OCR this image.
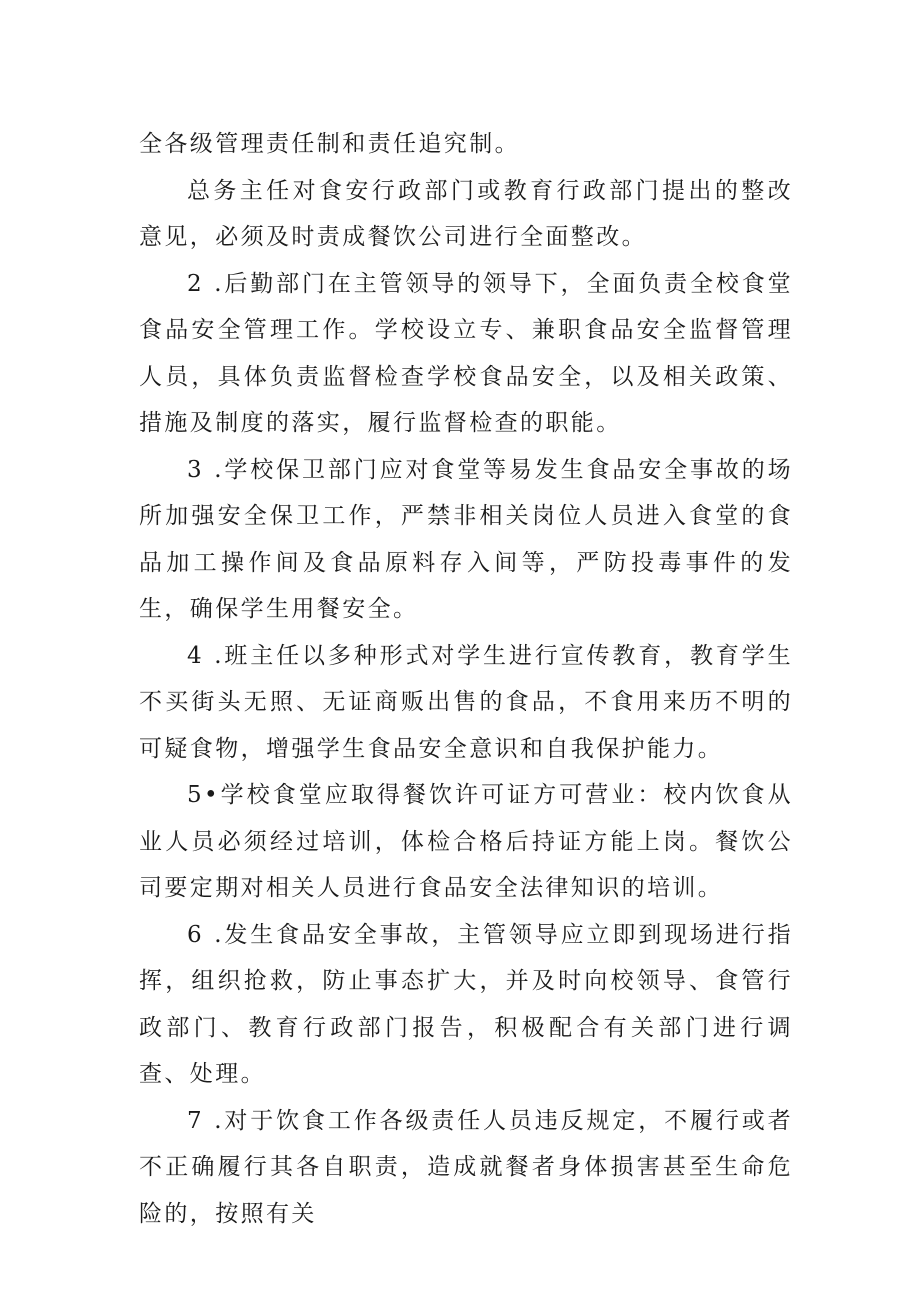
全各级管理责任制和责任追究制。

总务主任对食安行政部门或教育行政部门提出的整改意见，必须及时责成餐饮公司进行全面整改。

2 .后勤部门在主管领导的领导下，全面负责全校食堂食品安全管理工作。学校设立专、兼职食品安全监督管理人员，具体负责监督检查学校食品安全，以及相关政策、措施及制度的落实，履行监督检查的职能。

3 .学校保卫部门应对食堂等易发生食品安全事故的场所加强安全保卫工作，严禁非相关岗位人员进入食堂的食品加工操作间及食品原料存入间等，严防投毒事件的发生，确保学生用餐安全。

4 .班主任以多种形式对学生进行宣传教育，教育学生不买街头无照、无证商贩出售的食品，不食用来历不明的可疑食物，增强学生食品安全意识和自我保护能力。

5•学校食堂应取得餐饮许可证方可营业：校内饮食从业人员必须经过培训，体检合格后持证方能上岗。餐饮公司要定期对相关人员进行食品安全法律知识的培训。

6 .发生食品安全事故，主管领导应立即到现场进行指挥，组织抢救，防止事态扩大，并及时向校领导、食管行政部门、教育行政部门报告，积极配合有关部门进行调查、处理。

7 .对于饮食工作各级责任人员违反规定，不履行或者不正确履行其各自职责，造成就餐者身体损害甚至生命危险的，按照有关
